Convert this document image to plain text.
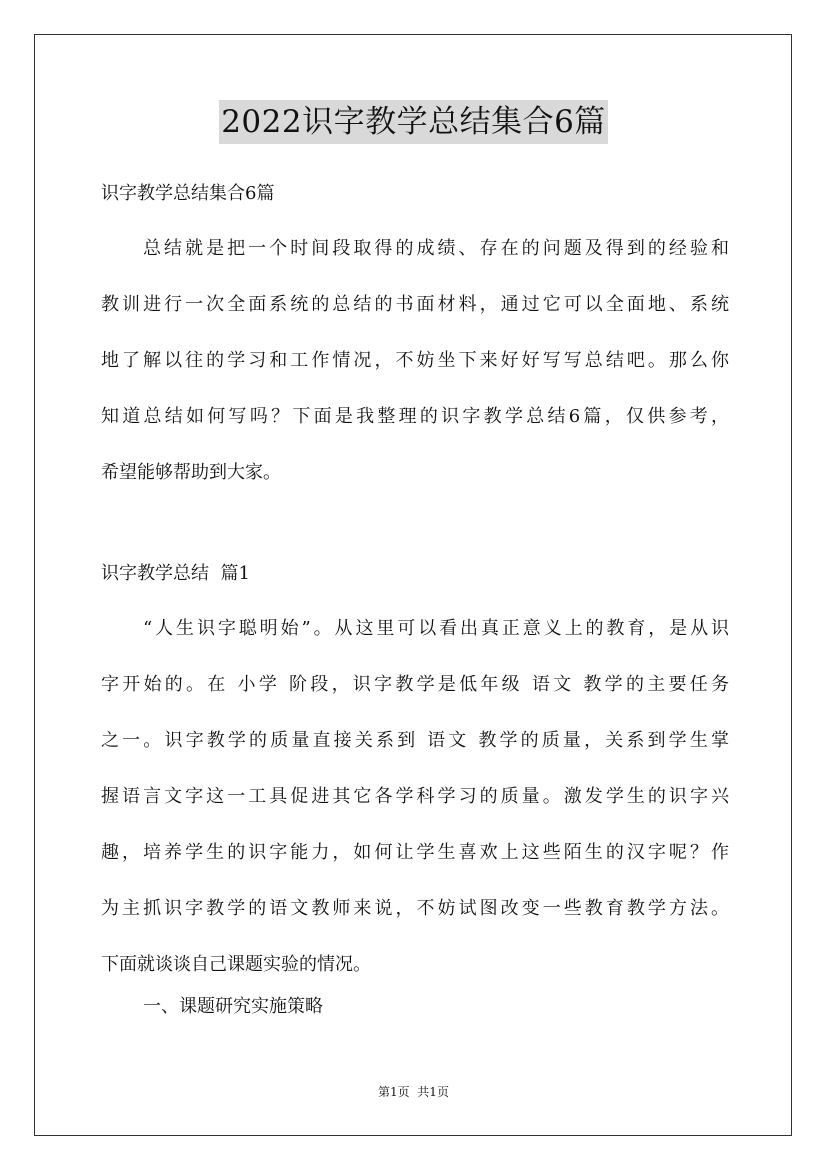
2022识字教学总结集合6篇
识字教学总结集合6篇
总结就是把一个时间段取得的成绩、存在的问题及得到的经验和
教训进行一次全面系统的总结的书面材料，通过它可以全面地、系统
地了解以往的学习和工作情况，不妨坐下来好好写写总结吧。那么你
知道总结如何写吗？下面是我整理的识字教学总结6篇，仅供参考，
希望能够帮助到大家。
识字教学总结  篇1
“人生识字聪明始”。从这里可以看出真正意义上的教育，是从识
字开始的。在 小学 阶段，识字教学是低年级 语文 教学的主要任务
之一。识字教学的质量直接关系到 语文 教学的质量，关系到学生掌
握语言文字这一工具促进其它各学科学习的质量。激发学生的识字兴
趣，培养学生的识字能力，如何让学生喜欢上这些陌生的汉字呢？作
为主抓识字教学的语文教师来说，不妨试图改变一些教育教学方法。
下面就谈谈自己课题实验的情况。
一、课题研究实施策略
第1页  共1页
